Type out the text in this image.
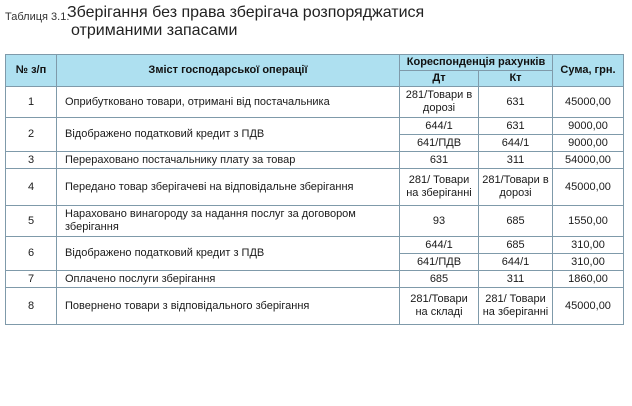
Таблиця 3.1.
Зберігання без права зберігача розпоряджатися
отриманими запасами
№ з/п	Зміст господарської операції	Кореспонденція рахунків		Сума, грн.
		Дт	Кт	
1	Оприбутковано товари, отримані від постачальника	281/Товари в дорозі	631	45000,00
2	Відображено податковий кредит з ПДВ	644/1	631	9000,00
		641/ПДВ	644/1	9000,00
3	Перераховано постачальнику плату за товар	631	311	54000,00
4	Передано товар зберігачеві на відповідальне зберігання	281/ Товари на зберіганні	281/Товари в дорозі	45000,00
5	Нараховано винагороду за надання послуг за договором зберігання	93	685	1550,00
6	Відображено податковий кредит з ПДВ	644/1	685	310,00
		641/ПДВ	644/1	310,00
7	Оплачено послуги зберігання	685	311	1860,00
8	Повернено товари з відповідального зберігання	281/Товари на складі	281/ Товари на зберіганні	45000,00
